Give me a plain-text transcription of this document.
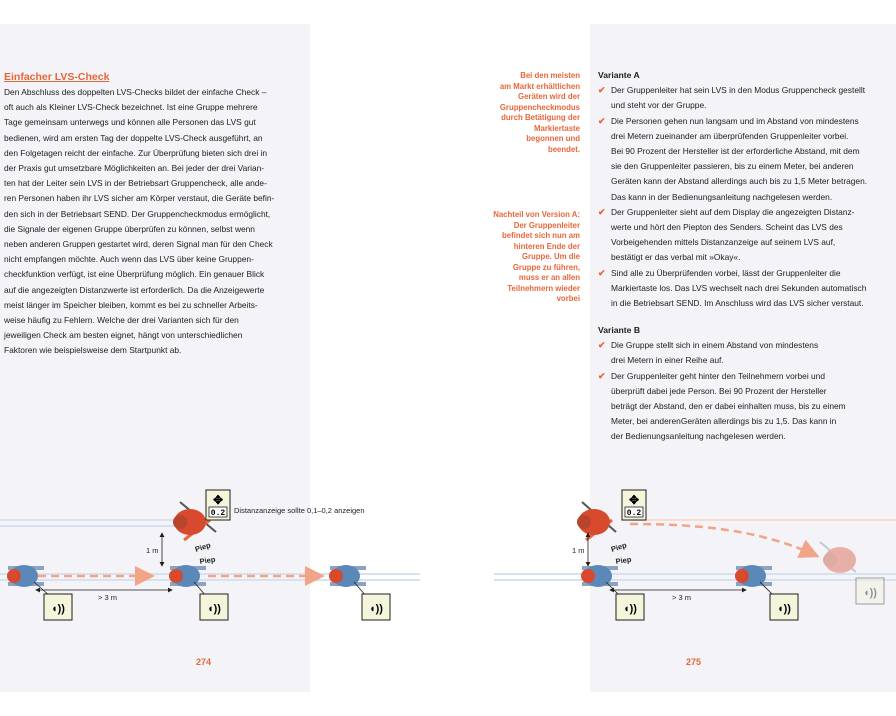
Einfacher LVS-Check
Den Abschluss des doppelten LVS-Checks bildet der einfache Check –
oft auch als Kleiner LVS-Check bezeichnet. Ist eine Gruppe mehrere
Tage gemeinsam unterwegs und können alle Personen das LVS gut
bedienen, wird am ersten Tag der doppelte LVS-Check ausgeführt, an
den Folgetagen reicht der einfache. Zur Überprüfung bieten sich drei in
der Praxis gut umsetzbare Möglichkeiten an. Bei jeder der drei Varian-
ten hat der Leiter sein LVS in der Betriebsart Gruppencheck, alle ande-
ren Personen haben ihr LVS sicher am Körper verstaut, die Geräte befin-
den sich in der Betriebsart SEND. Der Gruppencheckmodus ermöglicht,
die Signale der eigenen Gruppe überprüfen zu können, selbst wenn
neben anderen Gruppen gestartet wird, deren Signal man für den Check
nicht empfangen möchte. Auch wenn das LVS über keine Gruppen-
checkfunktion verfügt, ist eine Überprüfung möglich. Ein genauer Blick
auf die angezeigten Distanzwerte ist erforderlich. Da die Anzeigewerte
meist länger im Speicher bleiben, kommt es bei zu schneller Arbeits-
weise häufig zu Fehlern. Welche der drei Varianten sich für den
jeweiligen Check am besten eignet, hängt von unterschiedlichen
Faktoren wie beispielsweise dem Startpunkt ab.
Bei den meisten
am Markt erhältlichen
Geräten wird der
Gruppencheckmodus
durch Betätigung der
Markiertaste
begonnen und
beendet.
Nachteil von Version A:
Der Gruppenleiter
befindet sich nun am
hinteren Ende der
Gruppe. Um die
Gruppe zu führen,
muss er an allen
Teilnehmern wieder
vorbei
Variante A
✔ Der Gruppenleiter hat sein LVS in den Modus Gruppencheck gestellt
und steht vor der Gruppe.
✔ Die Personen gehen nun langsam und im Abstand von mindestens
drei Metern zueinander am überprüfenden Gruppenleiter vorbei.
Bei 90 Prozent der Hersteller ist der erforderliche Abstand, mit dem
sie den Gruppenleiter passieren, bis zu einem Meter, bei anderen
Geräten kann der Abstand allerdings auch bis zu 1,5 Meter betragen.
Das kann in der Bedienungsanleitung nachgelesen werden.
✔ Der Gruppenleiter sieht auf dem Display die angezeigten Distanz-
werte und hört den Piepton des Senders. Scheint das LVS des
Vorbeigehenden mittels Distanzanzeige auf seinem LVS auf,
bestätigt er das verbal mit »Okay«.
✔ Sind alle zu Überprüfenden vorbei, lässt der Gruppenleiter die
Markiertaste los. Das LVS wechselt nach drei Sekunden automatisch
in die Betriebsart SEND. Im Anschluss wird das LVS sicher verstaut.
Variante B
✔ Die Gruppe stellt sich in einem Abstand von mindestens
drei Metern in einer Reihe auf.
✔ Der Gruppenleiter geht hinter den Teilnehmern vorbei und
überprüft dabei jede Person. Bei 90 Prozent der Hersteller
beträgt der Abstand, den er dabei einhalten muss, bis zu einem
Meter, bei anderenGeräten allerdings bis zu 1,5. Das kann in
der Bedienungsanleitung nachgelesen werden.
✥
0.2 Distanzanzeige sollte 0,1–0,2 anzeigen
1 m
> 3 m
Piep
Piep
◖))	◖))	◖))
✥
0.2
1 m
> 3 m
Piep
Piep
◖))	◖))
◖))
274	275
